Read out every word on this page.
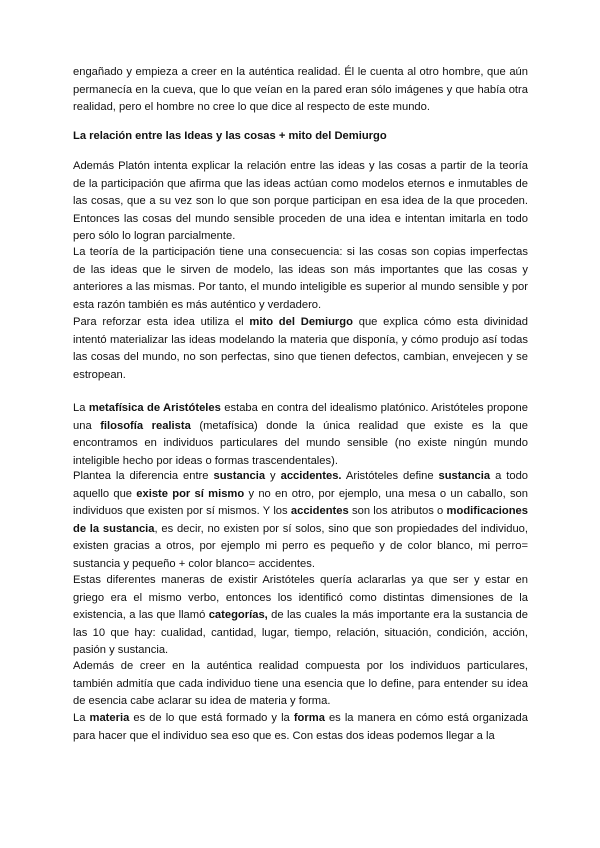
engañado y empieza a creer en la auténtica realidad. Él le cuenta al otro hombre, que aún permanecía en la cueva, que lo que veían en la pared eran sólo imágenes y que había otra realidad, pero el hombre no cree lo que dice al respecto de este mundo.

La relación entre las Ideas y las cosas + mito del Demiurgo

Además Platón intenta explicar la relación entre las ideas y las cosas a partir de la teoría de la participación que afirma que las ideas actúan como modelos eternos e inmutables de las cosas, que a su vez son lo que son porque participan en esa idea de la que proceden. Entonces las cosas del mundo sensible proceden de una idea e intentan imitarla en todo pero sólo lo logran parcialmente.

La teoría de la participación tiene una consecuencia: si las cosas son copias imperfectas de las ideas que le sirven de modelo, las ideas son más importantes que las cosas y anteriores a las mismas. Por tanto, el mundo inteligible es superior al mundo sensible y por esta razón también es más auténtico y verdadero.

Para reforzar esta idea utiliza el mito del Demiurgo que explica cómo esta divinidad intentó materializar las ideas modelando la materia que disponía, y cómo produjo así todas las cosas del mundo, no son perfectas, sino que tienen defectos, cambian, envejecen y se estropean.

La metafísica de Aristóteles estaba en contra del idealismo platónico. Aristóteles propone una filosofía realista (metafísica) donde la única realidad que existe es la que encontramos en individuos particulares del mundo sensible (no existe ningún mundo inteligible hecho por ideas o formas trascendentales).

Plantea la diferencia entre sustancia y accidentes. Aristóteles define sustancia a todo aquello que existe por sí mismo y no en otro, por ejemplo, una mesa o un caballo, son individuos que existen por sí mismos. Y los accidentes son los atributos o modificaciones de la sustancia, es decir, no existen por sí solos, sino que son propiedades del individuo, existen gracias a otros, por ejemplo mi perro es pequeño y de color blanco, mi perro= sustancia y pequeño + color blanco= accidentes.

Estas diferentes maneras de existir Aristóteles quería aclararlas ya que ser y estar en griego era el mismo verbo, entonces los identificó como distintas dimensiones de la existencia, a las que llamó categorías, de las cuales la más importante era la sustancia de las 10 que hay: cualidad, cantidad, lugar, tiempo, relación, situación, condición, acción, pasión y sustancia.

Además de creer en la auténtica realidad compuesta por los individuos particulares, también admitía que cada individuo tiene una esencia que lo define, para entender su idea de esencia cabe aclarar su idea de materia y forma.

La materia es de lo que está formado y la forma es la manera en cómo está organizada para hacer que el individuo sea eso que es. Con estas dos ideas podemos llegar a la
